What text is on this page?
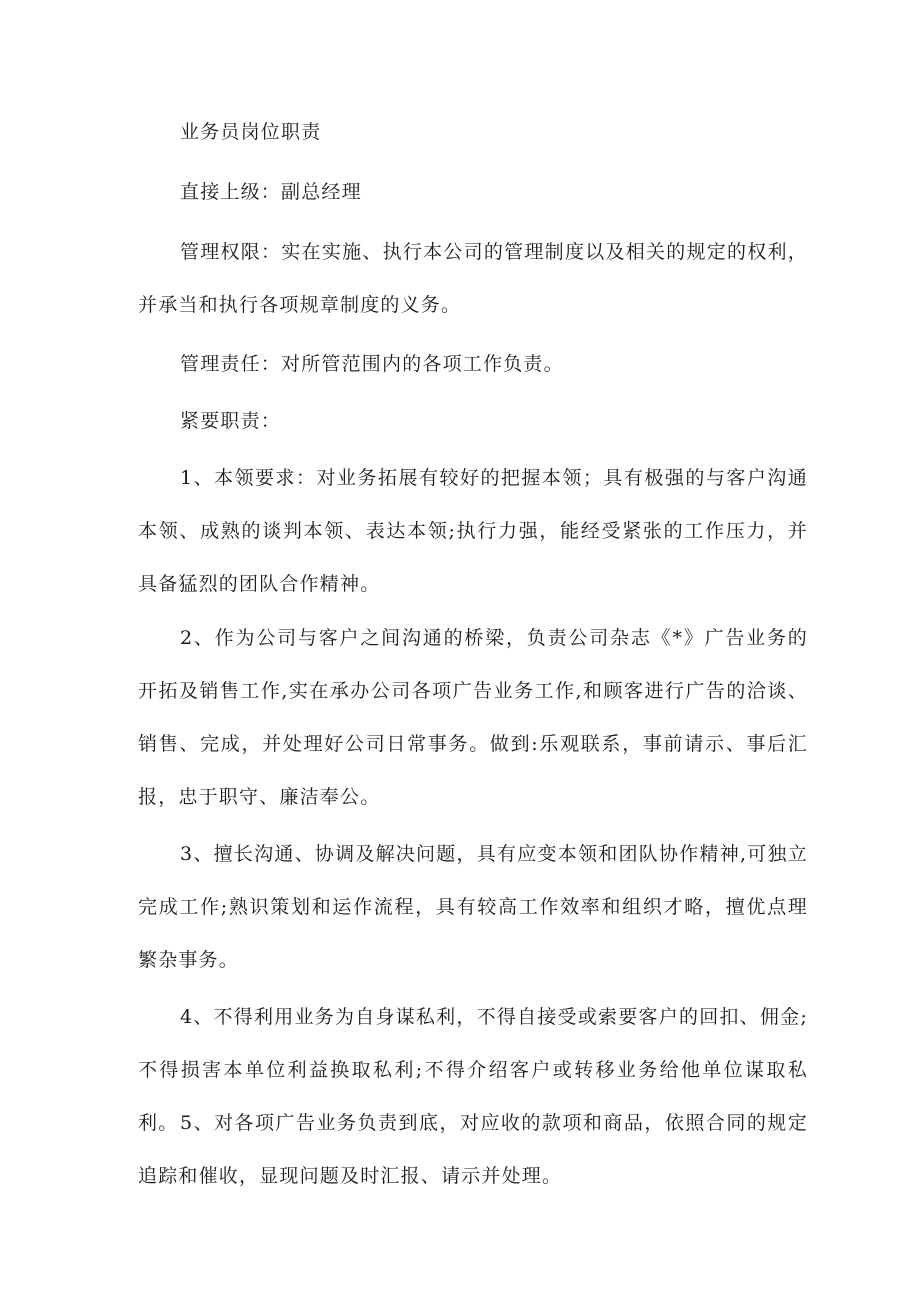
业务员岗位职责

直接上级：副总经理

管理权限：实在实施、执行本公司的管理制度以及相关的规定的权利，并承当和执行各项规章制度的义务。

管理责任：对所管范围内的各项工作负责。

紧要职责：

1、本领要求：对业务拓展有较好的把握本领；具有极强的与客户沟通本领、成熟的谈判本领、表达本领;执行力强，能经受紧张的工作压力，并具备猛烈的团队合作精神。

2、作为公司与客户之间沟通的桥梁，负责公司杂志《*》广告业务的开拓及销售工作,实在承办公司各项广告业务工作,和顾客进行广告的洽谈、销售、完成，并处理好公司日常事务。做到:乐观联系，事前请示、事后汇报，忠于职守、廉洁奉公。

3、擅长沟通、协调及解决问题，具有应变本领和团队协作精神,可独立完成工作;熟识策划和运作流程，具有较高工作效率和组织才略，擅优点理繁杂事务。

4、不得利用业务为自身谋私利，不得自接受或索要客户的回扣、佣金;不得损害本单位利益换取私利;不得介绍客户或转移业务给他单位谋取私利。 5、对各项广告业务负责到底，对应收的款项和商品，依照合同的规定追踪和催收，显现问题及时汇报、请示并处理。
